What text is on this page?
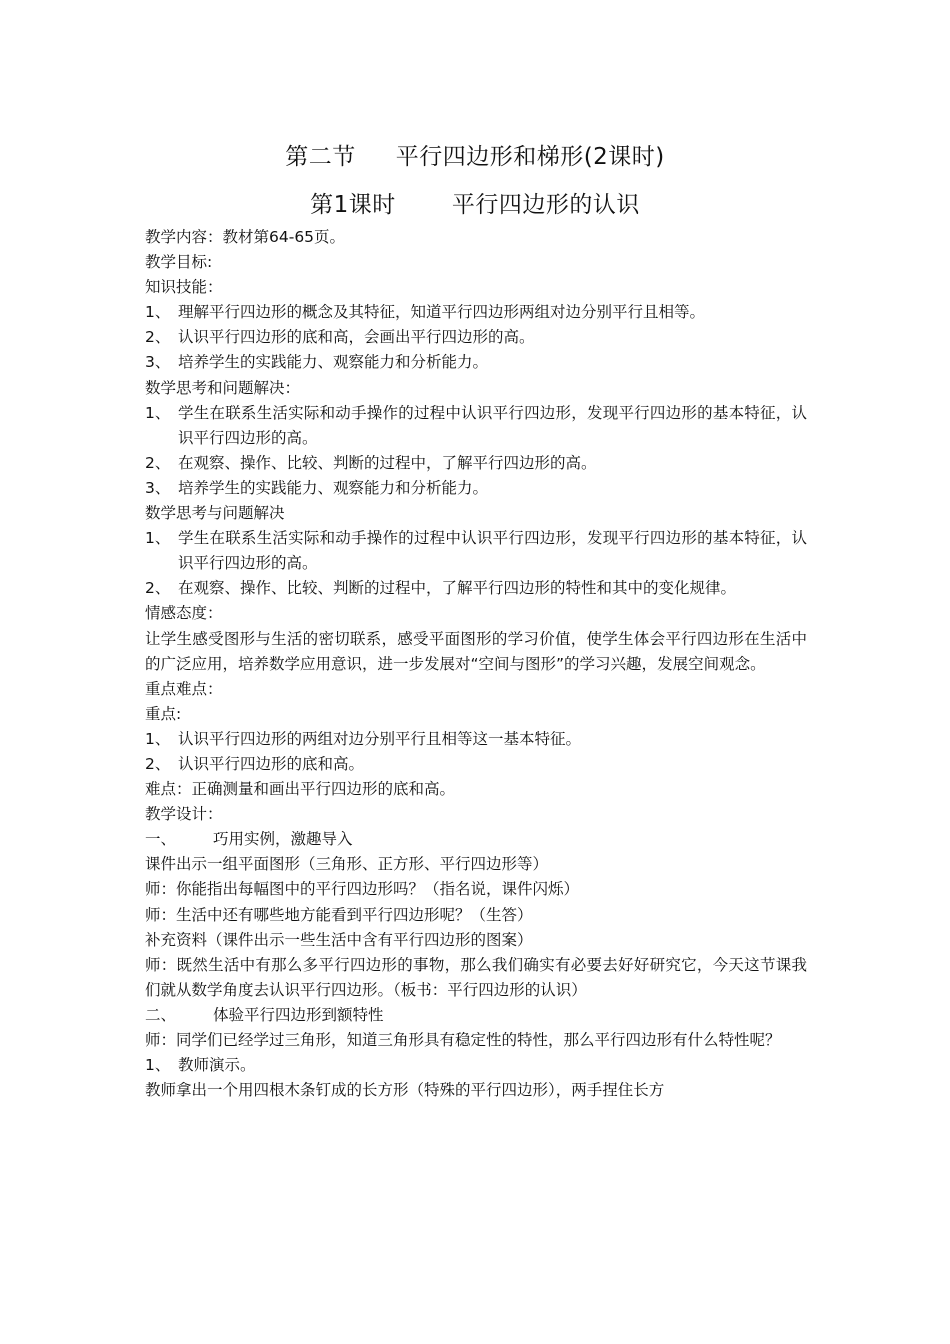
第二节 平行四边形和梯形(2课时)
第1课时 平行四边形的认识

教学内容：教材第64-65页。

教学目标:

知识技能：

1、 理解平行四边形的概念及其特征，知道平行四边形两组对边分别平行且相等。
2、 认识平行四边形的底和高，会画出平行四边形的高。
3、 培养学生的实践能力、观察能力和分析能力。

数学思考和问题解决：

1、 学生在联系生活实际和动手操作的过程中认识平行四边形，发现平行四边形的基本特征，认识平行四边形的高。
2、 在观察、操作、比较、判断的过程中，了解平行四边形的高。
3、 培养学生的实践能力、观察能力和分析能力。

数学思考与问题解决

1、 学生在联系生活实际和动手操作的过程中认识平行四边形，发现平行四边形的基本特征，认识平行四边形的高。
2、 在观察、操作、比较、判断的过程中，了解平行四边形的特性和其中的变化规律。

情感态度：

让学生感受图形与生活的密切联系，感受平面图形的学习价值，使学生体会平行四边形在生活中的广泛应用，培养数学应用意识，进一步发展对“空间与图形”的学习兴趣，发展空间观念。

重点难点：

重点:

1、 认识平行四边形的两组对边分别平行且相等这一基本特征。
2、 认识平行四边形的底和高。

难点：正确测量和画出平行四边形的底和高。

教学设计：

一、	巧用实例，激趣导入

课件出示一组平面图形（三角形、正方形、平行四边形等）

师：你能指出每幅图中的平行四边形吗？（指名说，课件闪烁）

师：生活中还有哪些地方能看到平行四边形呢？（生答）

补充资料（课件出示一些生活中含有平行四边形的图案）

师：既然生活中有那么多平行四边形的事物，那么我们确实有必要去好好研究它，今天这节课我们就从数学角度去认识平行四边形。（板书：平行四边形的认识）

二、	体验平行四边形到额特性

师：同学们已经学过三角形，知道三角形具有稳定性的特性，那么平行四边形有什么特性呢？

1、 教师演示。

教师拿出一个用四根木条钉成的长方形（特殊的平行四边形），两手捏住长方
